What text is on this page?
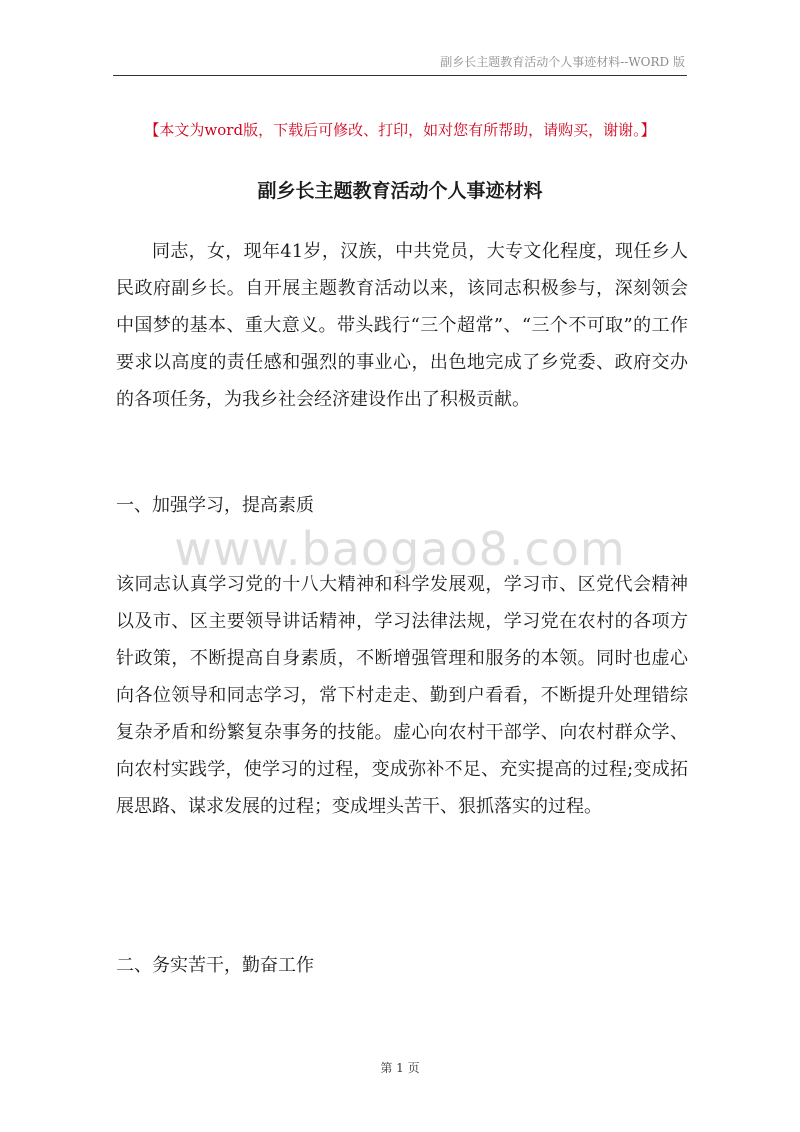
副乡长主题教育活动个人事迹材料--WORD 版
【本文为word版，下载后可修改、打印，如对您有所帮助，请购买，谢谢。】
副乡长主题教育活动个人事迹材料
同志，女，现年41岁，汉族，中共党员，大专文化程度，现任乡人民政府副乡长。自开展主题教育活动以来，该同志积极参与，深刻领会中国梦的基本、重大意义。带头践行“三个超常”、“三个不可取”的工作要求以高度的责任感和强烈的事业心，出色地完成了乡党委、政府交办的各项任务，为我乡社会经济建设作出了积极贡献。
一、加强学习，提高素质
www.baogao8.com
该同志认真学习党的十八大精神和科学发展观，学习市、区党代会精神以及市、区主要领导讲话精神，学习法律法规，学习党在农村的各项方针政策，不断提高自身素质，不断增强管理和服务的本领。同时也虚心向各位领导和同志学习，常下村走走、勤到户看看，不断提升处理错综复杂矛盾和纷繁复杂事务的技能。虚心向农村干部学、向农村群众学、向农村实践学，使学习的过程，变成弥补不足、充实提高的过程;变成拓展思路、谋求发展的过程；变成埋头苦干、狠抓落实的过程。
二、务实苦干，勤奋工作
第 1 页
